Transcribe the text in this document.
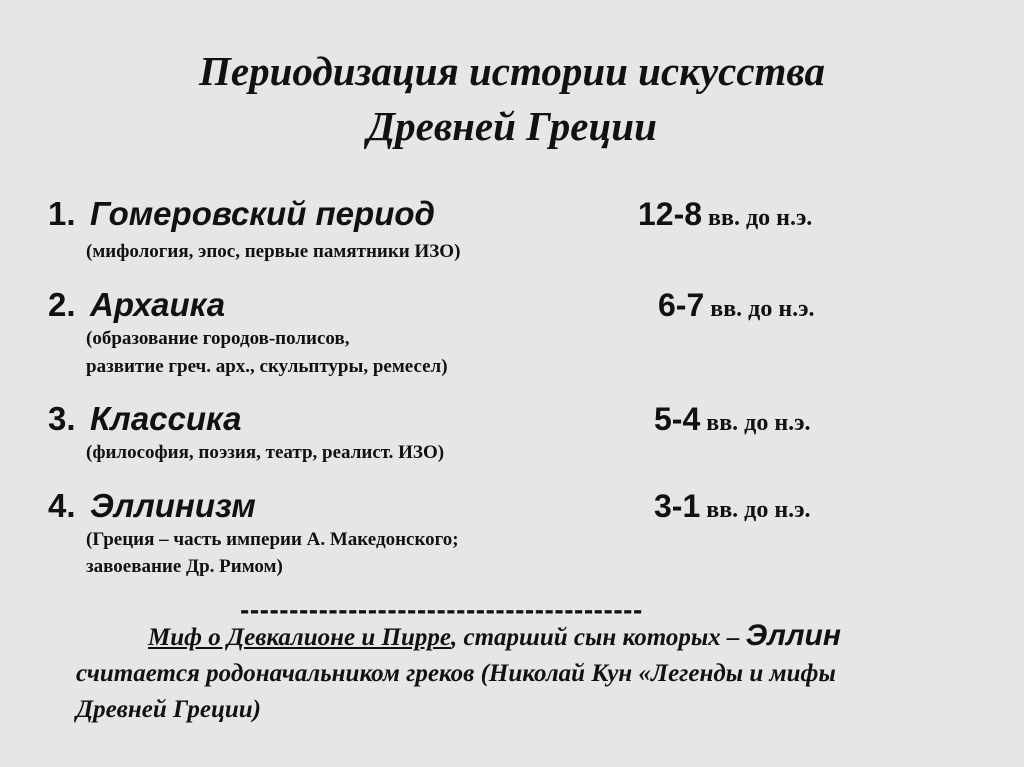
Периодизация истории искусства
Древней Греции
1. Гомеровский период	12-8 вв. до н.э.
(мифология, эпос, первые памятники ИЗО)
2. Архаика	6-7 вв. до н.э.
(образование городов-полисов,
развитие греч. арх., скульптуры, ремесел)
3. Классика	5-4 вв. до н.э.
(философия, поэзия, театр, реалист. ИЗО)
4. Эллинизм	3-1 вв. до н.э.
(Греция – часть империи А. Македонского;
завоевание Др. Римом)
-----------------------------------------
Миф о Девкалионе и Пирре, старший сын которых – Эллин
считается родоначальником греков (Николай Кун «Легенды и мифы
Древней Греции)
